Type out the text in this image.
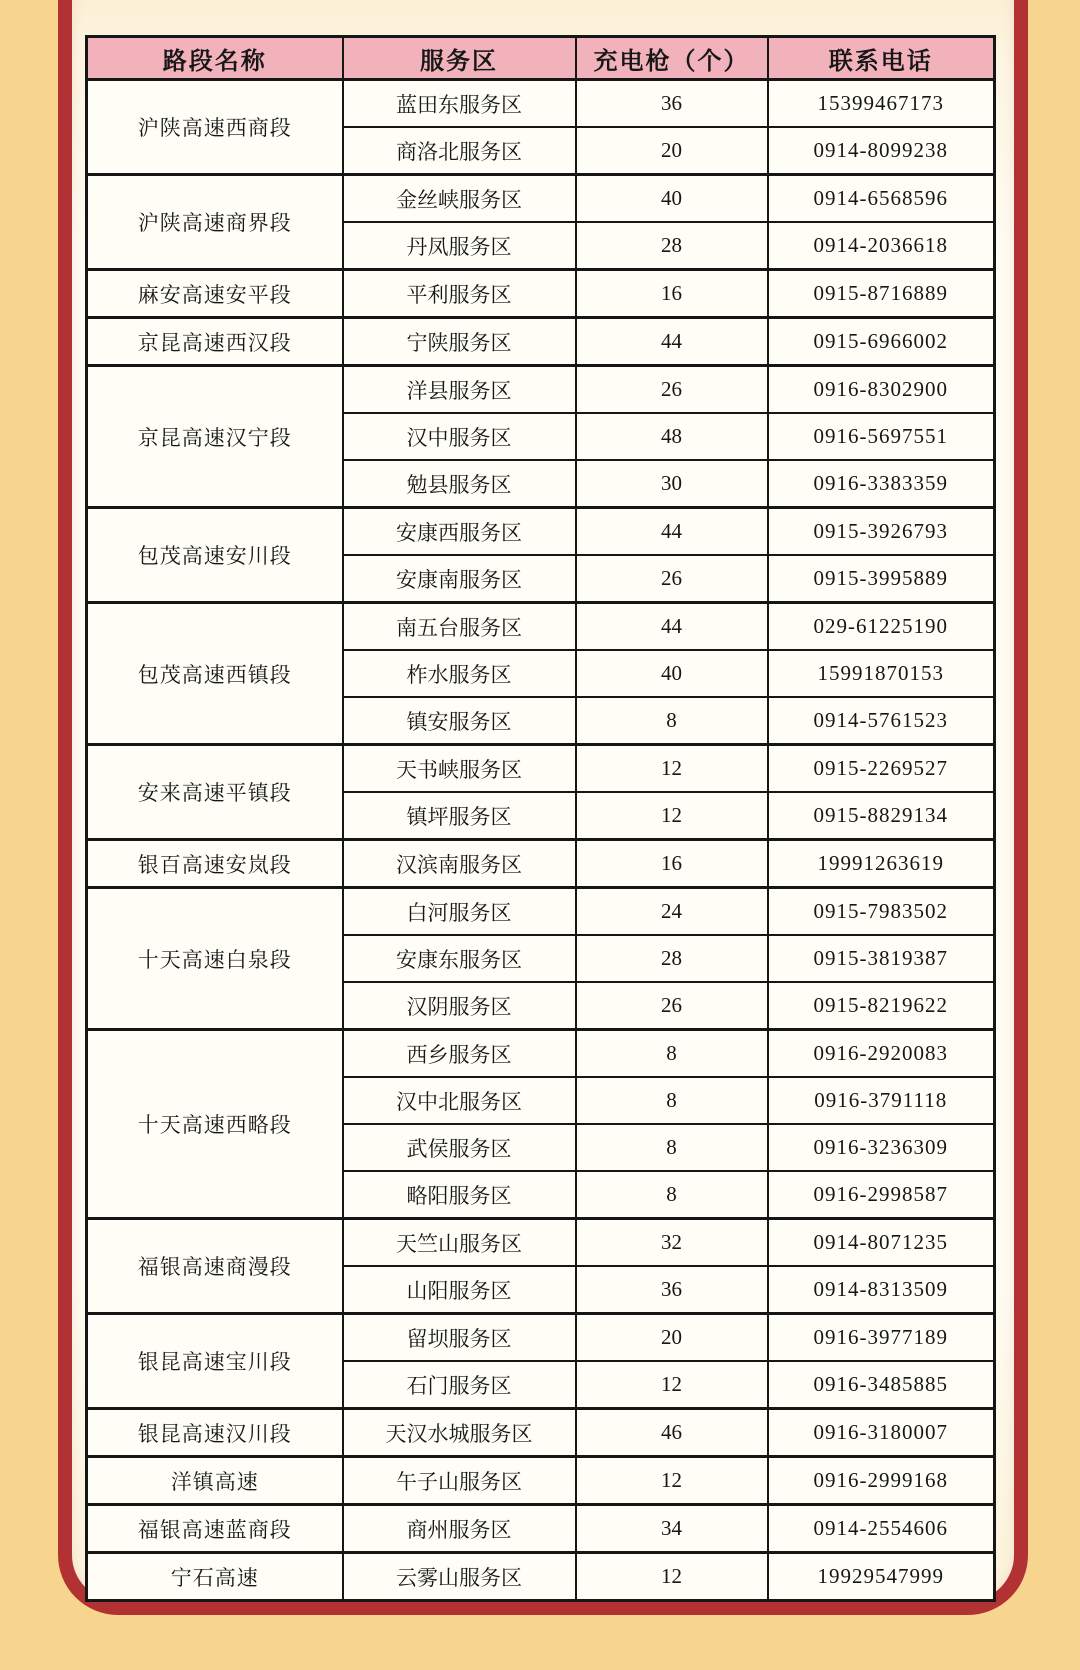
路段名称	服务区	充电枪（个）	联系电话
沪陕高速西商段	蓝田东服务区	36	15399467173
	商洛北服务区	20	0914-8099238
沪陕高速商界段	金丝峡服务区	40	0914-6568596
	丹凤服务区	28	0914-2036618
麻安高速安平段	平利服务区	16	0915-8716889
京昆高速西汉段	宁陕服务区	44	0915-6966002
京昆高速汉宁段	洋县服务区	26	0916-8302900
	汉中服务区	48	0916-5697551
	勉县服务区	30	0916-3383359
包茂高速安川段	安康西服务区	44	0915-3926793
	安康南服务区	26	0915-3995889
包茂高速西镇段	南五台服务区	44	029-61225190
	柞水服务区	40	15991870153
	镇安服务区	8	0914-5761523
安来高速平镇段	天书峡服务区	12	0915-2269527
	镇坪服务区	12	0915-8829134
银百高速安岚段	汉滨南服务区	16	19991263619
十天高速白泉段	白河服务区	24	0915-7983502
	安康东服务区	28	0915-3819387
	汉阴服务区	26	0915-8219622
十天高速西略段	西乡服务区	8	0916-2920083
	汉中北服务区	8	0916-3791118
	武侯服务区	8	0916-3236309
	略阳服务区	8	0916-2998587
福银高速商漫段	天竺山服务区	32	0914-8071235
	山阳服务区	36	0914-8313509
银昆高速宝川段	留坝服务区	20	0916-3977189
	石门服务区	12	0916-3485885
银昆高速汉川段	天汉水城服务区	46	0916-3180007
洋镇高速	午子山服务区	12	0916-2999168
福银高速蓝商段	商州服务区	34	0914-2554606
宁石高速	云雾山服务区	12	19929547999
